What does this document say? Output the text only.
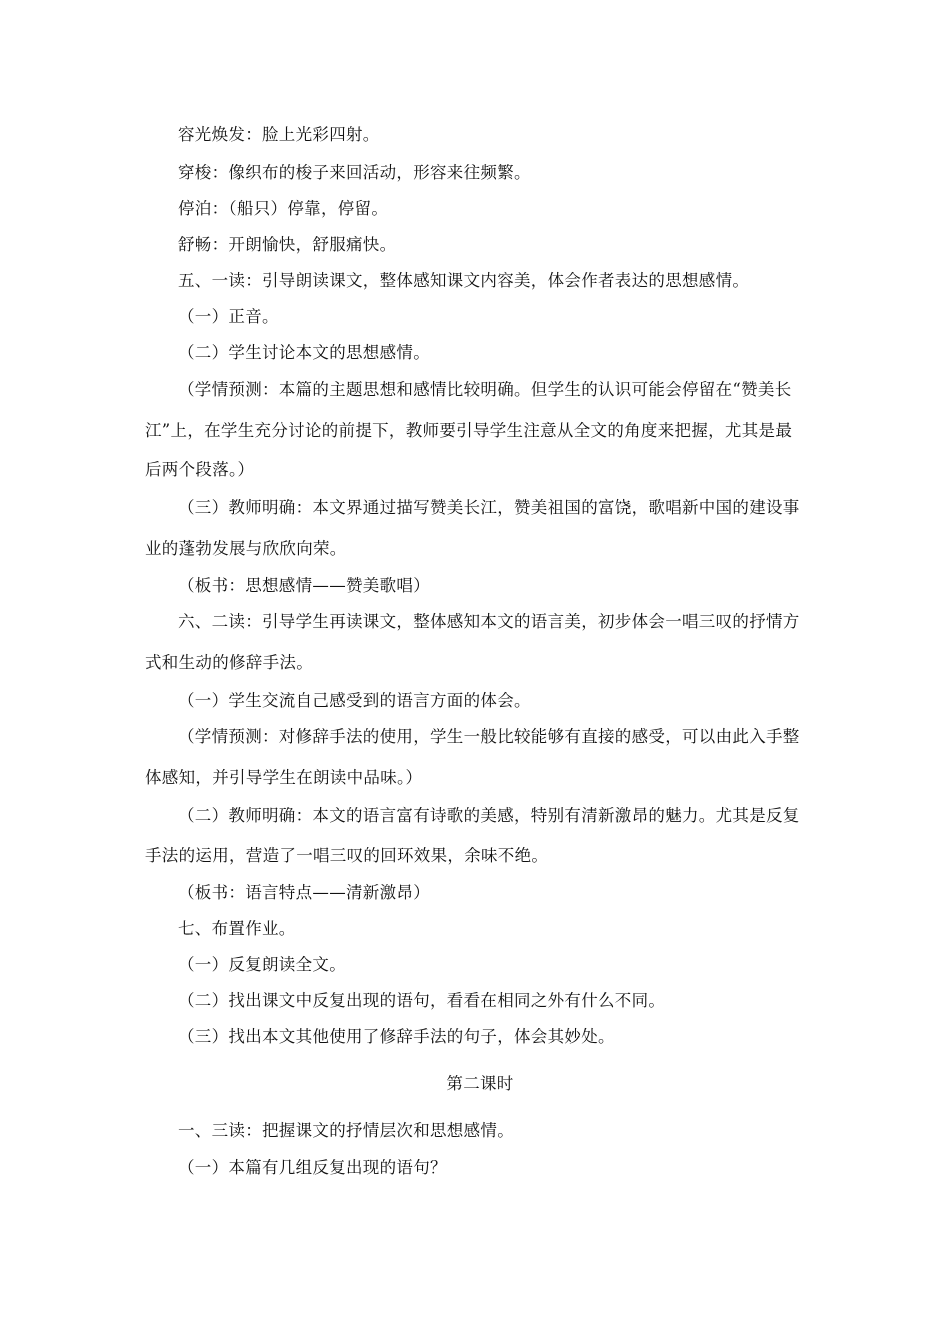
容光焕发：脸上光彩四射。
穿梭：像织布的梭子来回活动，形容来往频繁。
停泊：（船只）停靠，停留。
舒畅：开朗愉快，舒服痛快。
五、一读：引导朗读课文，整体感知课文内容美，体会作者表达的思想感情。
（一）正音。
（二）学生讨论本文的思想感情。
（学情预测：本篇的主题思想和感情比较明确。但学生的认识可能会停留在“赞美长
江”上，在学生充分讨论的前提下，教师要引导学生注意从全文的角度来把握，尤其是最
后两个段落。）
（三）教师明确：本文界通过描写赞美长江，赞美祖国的富饶，歌唱新中国的建设事
业的蓬勃发展与欣欣向荣。
（板书：思想感情——赞美歌唱）
六、二读：引导学生再读课文，整体感知本文的语言美，初步体会一唱三叹的抒情方
式和生动的修辞手法。
（一）学生交流自己感受到的语言方面的体会。
（学情预测：对修辞手法的使用，学生一般比较能够有直接的感受，可以由此入手整
体感知，并引导学生在朗读中品味。）
（二）教师明确：本文的语言富有诗歌的美感，特别有清新激昂的魅力。尤其是反复
手法的运用，营造了一唱三叹的回环效果，余味不绝。
（板书：语言特点——清新激昂）
七、布置作业。
（一）反复朗读全文。
（二）找出课文中反复出现的语句，看看在相同之外有什么不同。
（三）找出本文其他使用了修辞手法的句子，体会其妙处。
第二课时
一、三读：把握课文的抒情层次和思想感情。
（一）本篇有几组反复出现的语句？
